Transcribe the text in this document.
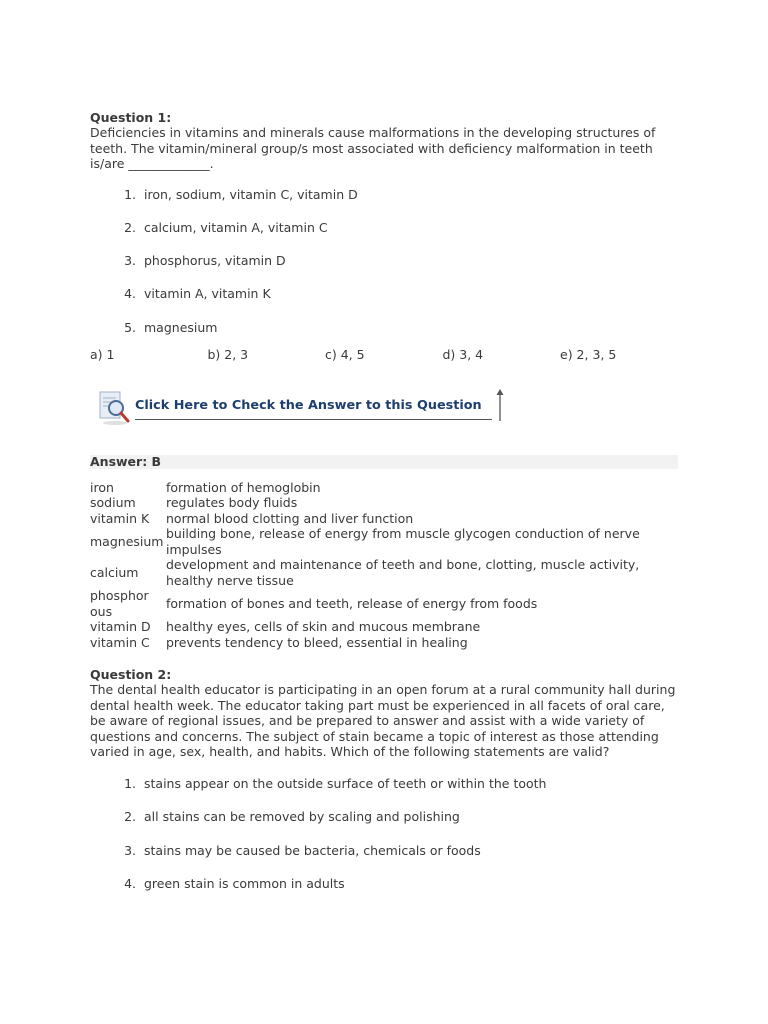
Question 1:

Deficiencies in vitamins and minerals cause malformations in the developing structures of teeth. The vitamin/mineral group/s most associated with deficiency malformation in teeth is/are _____________.

1. iron, sodium, vitamin C, vitamin D
2. calcium, vitamin A, vitamin C
3. phosphorus, vitamin D
4. vitamin A, vitamin K
5. magnesium
a) 1	b) 2, 3	c) 4, 5	d) 3, 4	e) 2, 3, 5
Click Here to Check the Answer to this Question
Answer: B
iron	formation of hemoglobin
sodium	regulates body fluids
vitamin K	normal blood clotting and liver function
magnesium	building bone, release of energy from muscle glycogen conduction of nerve impulses
calcium	development and maintenance of teeth and bone, clotting, muscle activity, healthy nerve tissue
phosphorous	formation of bones and teeth, release of energy from foods
vitamin D	healthy eyes, cells of skin and mucous membrane
vitamin C	prevents tendency to bleed, essential in healing

Question 2:

The dental health educator is participating in an open forum at a rural community hall during dental health week. The educator taking part must be experienced in all facets of oral care, be aware of regional issues, and be prepared to answer and assist with a wide variety of questions and concerns. The subject of stain became a topic of interest as those attending varied in age, sex, health, and habits. Which of the following statements are valid?

1. stains appear on the outside surface of teeth or within the tooth
2. all stains can be removed by scaling and polishing
3. stains may be caused be bacteria, chemicals or foods
4. green stain is common in adults
